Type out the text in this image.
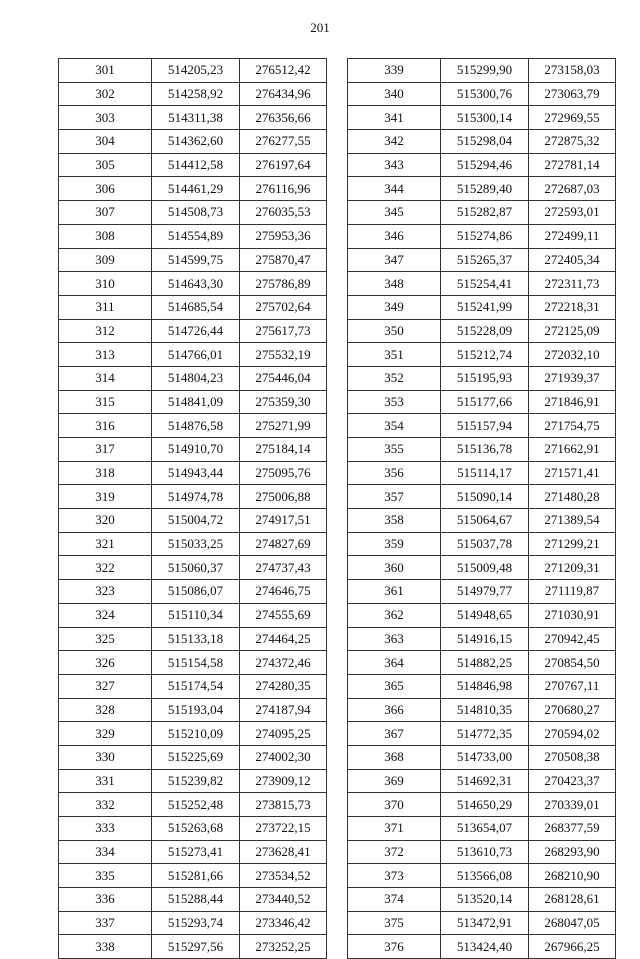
201
301	514205,23	276512,42
302	514258,92	276434,96
303	514311,38	276356,66
304	514362,60	276277,55
305	514412,58	276197,64
306	514461,29	276116,96
307	514508,73	276035,53
308	514554,89	275953,36
309	514599,75	275870,47
310	514643,30	275786,89
311	514685,54	275702,64
312	514726,44	275617,73
313	514766,01	275532,19
314	514804,23	275446,04
315	514841,09	275359,30
316	514876,58	275271,99
317	514910,70	275184,14
318	514943,44	275095,76
319	514974,78	275006,88
320	515004,72	274917,51
321	515033,25	274827,69
322	515060,37	274737,43
323	515086,07	274646,75
324	515110,34	274555,69
325	515133,18	274464,25
326	515154,58	274372,46
327	515174,54	274280,35
328	515193,04	274187,94
329	515210,09	274095,25
330	515225,69	274002,30
331	515239,82	273909,12
332	515252,48	273815,73
333	515263,68	273722,15
334	515273,41	273628,41
335	515281,66	273534,52
336	515288,44	273440,52
337	515293,74	273346,42
338	515297,56	273252,25
339	515299,90	273158,03
340	515300,76	273063,79
341	515300,14	272969,55
342	515298,04	272875,32
343	515294,46	272781,14
344	515289,40	272687,03
345	515282,87	272593,01
346	515274,86	272499,11
347	515265,37	272405,34
348	515254,41	272311,73
349	515241,99	272218,31
350	515228,09	272125,09
351	515212,74	272032,10
352	515195,93	271939,37
353	515177,66	271846,91
354	515157,94	271754,75
355	515136,78	271662,91
356	515114,17	271571,41
357	515090,14	271480,28
358	515064,67	271389,54
359	515037,78	271299,21
360	515009,48	271209,31
361	514979,77	271119,87
362	514948,65	271030,91
363	514916,15	270942,45
364	514882,25	270854,50
365	514846,98	270767,11
366	514810,35	270680,27
367	514772,35	270594,02
368	514733,00	270508,38
369	514692,31	270423,37
370	514650,29	270339,01
371	513654,07	268377,59
372	513610,73	268293,90
373	513566,08	268210,90
374	513520,14	268128,61
375	513472,91	268047,05
376	513424,40	267966,25
